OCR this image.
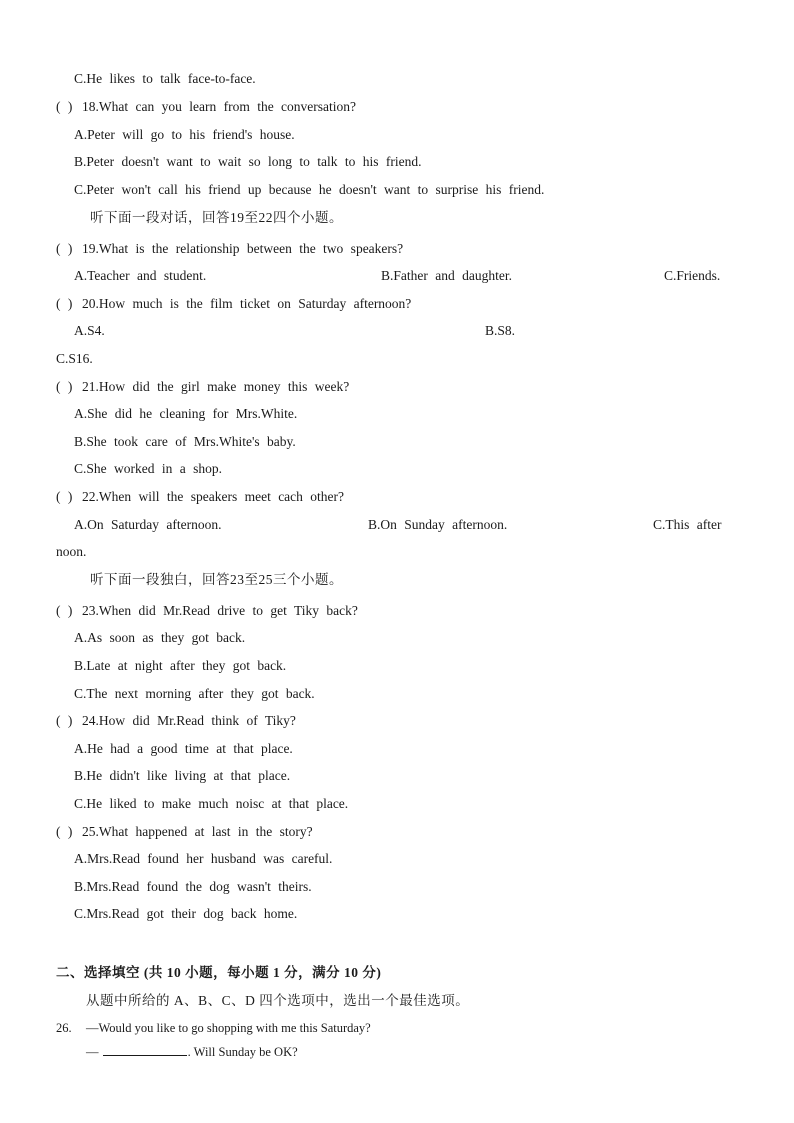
C.He likes to talk face-to-face.
( ) 18.What can you learn from the conversation?
A.Peter will go to his friend's house.
B.Peter doesn't want to wait so long to talk to his friend.
C.Peter won't call his friend up because he doesn't want to surprise his friend.
听下面一段对话，回答19至22四个小题。
( ) 19.What is the relationship between the two speakers?
A.Teacher and student.	B.Father and daughter.	C.Friends.
( ) 20.How much is the film ticket on Saturday afternoon?
A.S4.	B.S8.
C.S16.
( ) 21.How did the girl make money this week?
A.She did he cleaning for Mrs.White.
B.She took care of Mrs.White's baby.
C.She worked in a shop.
( ) 22.When will the speakers meet cach other?
A.On Saturday afternoon.	B.On Sunday afternoon.	C.This after
noon.
听下面一段独白，回答23至25三个小题。
( ) 23.When did Mr.Read drive to get Tiky back?
A.As soon as they got back.
B.Late at night after they got back.
C.The next morning after they got back.
( ) 24.How did Mr.Read think of Tiky?
A.He had a good time at that place.
B.He didn't like living at that place.
C.He liked to make much noisc at that place.
( ) 25.What happened at last in the story?
A.Mrs.Read found her husband was careful.
B.Mrs.Read found the dog wasn't theirs.
C.Mrs.Read got their dog back home.
二、选择填空 (共 10 小题，每小题 1 分，满分 10 分)
从题中所给的 A、B、C、D 四个选项中，选出一个最佳选项。
26. —Would you like to go shopping with me this Saturday?
—	. Will Sunday be OK?
